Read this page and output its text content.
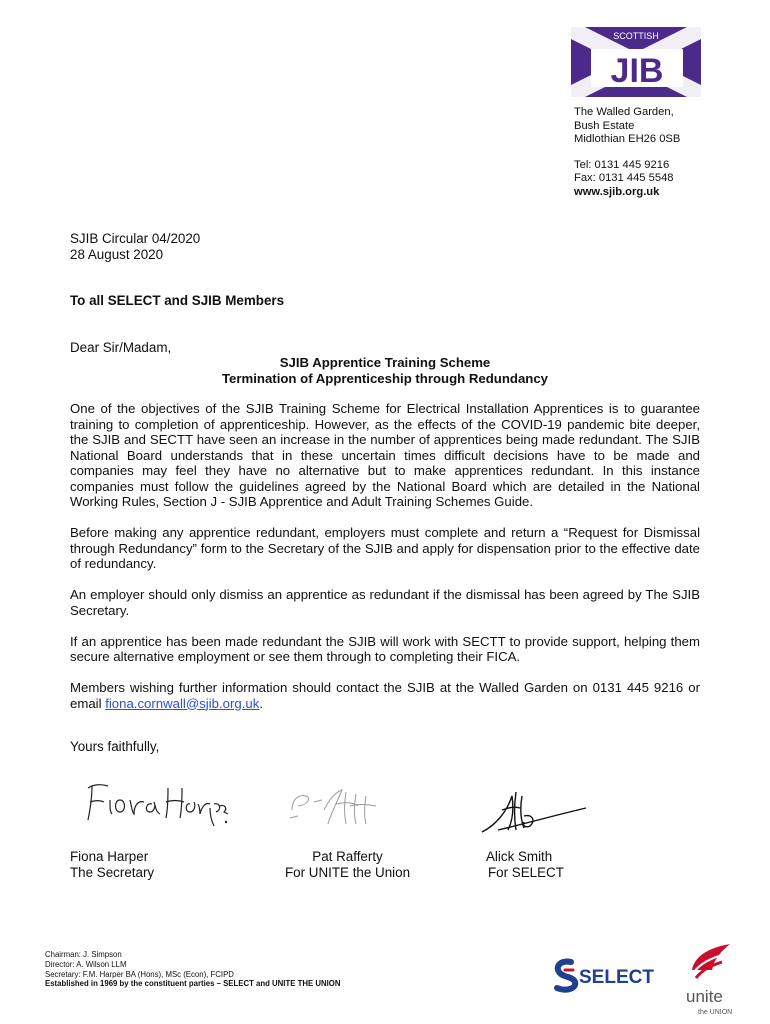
SCOTTISH
JIB
The Walled Garden,
Bush Estate
Midlothian EH26 0SB
Tel: 0131 445 9216
Fax: 0131 445 5548
www.sjib.org.uk
SJIB Circular 04/2020
28 August 2020
To all SELECT and SJIB Members
Dear Sir/Madam,
SJIB Apprentice Training Scheme
Termination of Apprenticeship through Redundancy

One of the objectives of the SJIB Training Scheme for Electrical Installation Apprentices is to guarantee training to completion of apprenticeship. However, as the effects of the COVID-19 pandemic bite deeper, the SJIB and SECTT have seen an increase in the number of apprentices being made redundant. The SJIB National Board understands that in these uncertain times difficult decisions have to be made and companies may feel they have no alternative but to make apprentices redundant. In this instance companies must follow the guidelines agreed by the National Board which are detailed in the National Working Rules, Section J - SJIB Apprentice and Adult Training Schemes Guide.

Before making any apprentice redundant, employers must complete and return a “Request for Dismissal through Redundancy” form to the Secretary of the SJIB and apply for dispensation prior to the effective date of redundancy.

An employer should only dismiss an apprentice as redundant if the dismissal has been agreed by The SJIB Secretary.

If an apprentice has been made redundant the SJIB will work with SECTT to provide support, helping them secure alternative employment or see them through to completing their FICA.

Members wishing further information should contact the SJIB at the Walled Garden on 0131 445 9216 or email fiona.cornwall@sjib.org.uk.

Yours faithfully,
Fiona Harper
The Secretary
Pat Rafferty
For UNITE the Union
Alick Smith
For SELECT
Chairman: J. Simpson
Director: A. Wilson LLM
Secretary: F.M. Harper BA (Hons), MSc (Econ), FCIPD
Established in 1969 by the constituent parties – SELECT and UNITE THE UNION	SELECT
unite
the UNION
